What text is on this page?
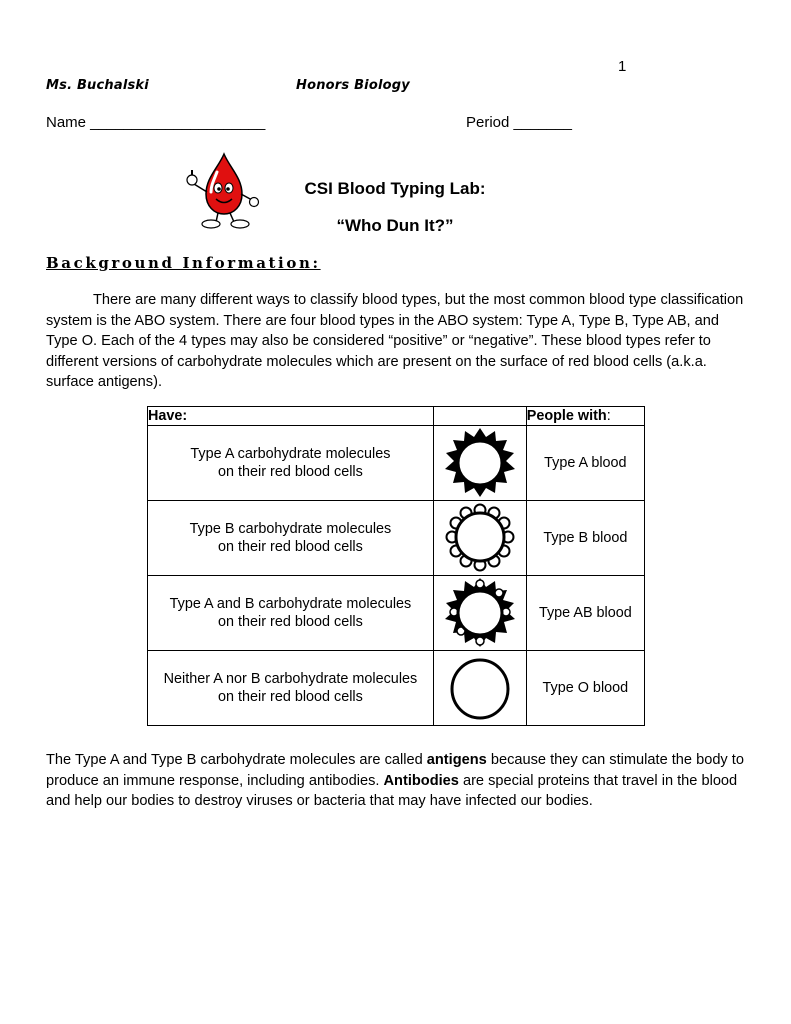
1
Ms. Buchalski	Honors Biology
Name _____________________	Period _______
CSI Blood Typing Lab:
“Who Dun It?”
Background Information:
There are many different ways to classify blood types, but the most common blood type classification system is the ABO system. There are four blood types in the ABO system: Type A, Type B, Type AB, and Type O. Each of the 4 types may also be considered “positive” or “negative”. These blood types refer to different versions of carbohydrate molecules which are present on the surface of red blood cells (a.k.a. surface antigens).
Have:		People with:
Type A carbohydrate molecules
on their red blood cells		Type A blood
Type B carbohydrate molecules
on their red blood cells		Type B blood
Type A and B carbohydrate molecules
on their red blood cells		Type AB blood
Neither A nor B carbohydrate molecules
on their red blood cells		Type O blood
The Type A and Type B carbohydrate molecules are called antigens because they can stimulate the body to produce an immune response, including antibodies. Antibodies are special proteins that travel in the blood and help our bodies to destroy viruses or bacteria that may have infected our bodies.
